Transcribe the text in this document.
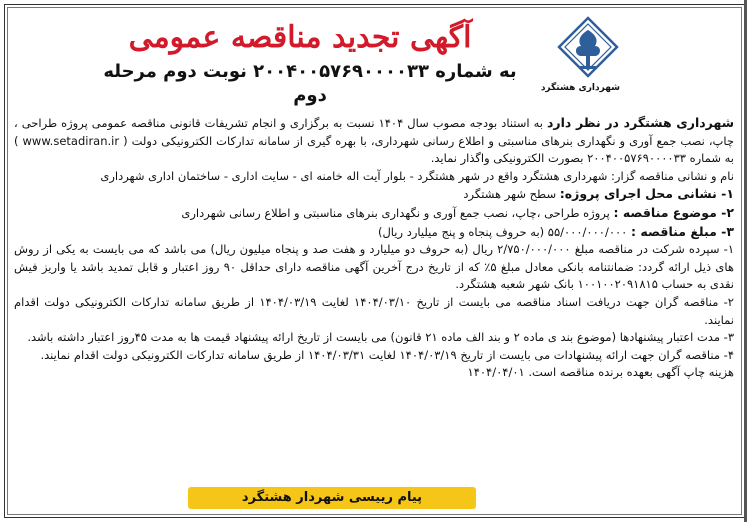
شهرداری هشتگرد
آگهی تجدید مناقصه عمومی
به شماره ۲۰۰۴۰۰۵۷۶۹۰۰۰۰۳۳ نوبت دوم مرحله دوم

شهرداری هشتگرد در نظر دارد به استناد بودجه مصوب سال ۱۴۰۴ نسبت به برگزاری و انجام تشریفات قانونی مناقصه عمومی پروژه طراحی ، چاپ، نصب جمع آوری و نگهداری بنرهای مناسبتی و اطلاع رسانی شهرداری، با بهره گیری از سامانه تدارکات الکترونیکی دولت ( www.setadiran.ir ) به شماره ۲۰۰۴۰۰۵۷۶۹۰۰۰۰۳۳ بصورت الکترونیکی واگذار نماید.

نام و نشانی مناقصه گزار: شهرداری هشتگرد واقع در شهر هشتگرد - بلوار آیت اله خامنه ای - سایت اداری - ساختمان اداری شهرداری

۱- نشانی محل اجرای پروژه: سطح شهر هشتگرد

۲- موضوع مناقصه : پروژه طراحی ،چاپ، نصب جمع آوری و نگهداری بنرهای مناسبتی و اطلاع رسانی شهرداری

۳- مبلغ مناقصه : ۵۵/۰۰۰/۰۰۰/۰۰۰ (به حروف پنجاه و پنج میلیارد ریال)

۱- سپرده شرکت در مناقصه مبلغ ۲/۷۵۰/۰۰۰/۰۰۰ ریال (به حروف دو میلیارد و هفت صد و پنجاه میلیون ریال) می باشد که می بایست به یکی از روش های ذیل ارائه گردد: ضمانتنامه بانکی معادل مبلغ ۵٪ که از تاریخ درج آخرین آگهی مناقصه دارای حداقل ۹۰ روز اعتبار و قابل تمدید باشد یا واریز فیش نقدی به حساب ۱۰۰۱۰۰۲۰۹۱۸۱۵ بانک شهر شعبه هشتگرد.

۲- مناقصه گران جهت دریافت اسناد مناقصه می بایست از تاریخ ۱۴۰۴/۰۳/۱۰ لغایت ۱۴۰۴/۰۳/۱۹ از طریق سامانه تدارکات الکترونیکی دولت اقدام نمایند.

۳- مدت اعتبار پیشنهادها (موضوع بند ی ماده ۲ و بند الف ماده ۲۱ قانون) می بایست از تاریخ ارائه پیشنهاد قیمت ها به مدت ۴۵روز اعتبار داشته باشد.

۴- مناقصه گران جهت ارائه پیشنهادات می بایست از تاریخ ۱۴۰۴/۰۳/۱۹ لغایت ۱۴۰۴/۰۳/۳۱ از طریق سامانه تدارکات الکترونیکی دولت اقدام نمایند.

هزینه چاپ آگهی بعهده برنده مناقصه است. ۱۴۰۴/۰۴/۰۱

پیام رییسی شهردار هشتگرد
